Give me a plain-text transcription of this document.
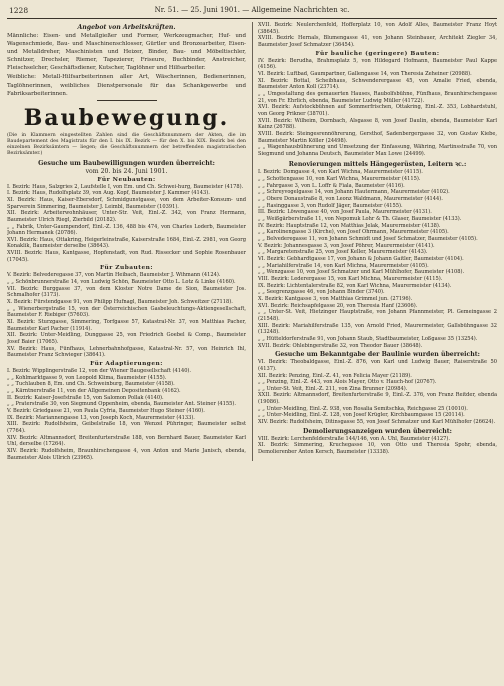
1228	Nr. 51. — 25. Juni 1901. — Allgemeine Nachrichten ꝛc.
Angebot von Arbeitskräften.

Männliche: Eisen- und Metallgießer und Former, Werkzeugmacher, Huf- und Wagenschmiede, Bau- und Maschinenschlosser, Gürtler und Bronzearbeiter, Eisen- und Metalldreher, Maschinisten und Heizer, Binder, Bau- und Möbeltischler, Schnitzer, Drechsler, Riemer, Tapezierer, Friseure, Buchbinder, Anstreicher, Fleischselcher, Geschäftsdiener, Kutscher, Taglöhner und Hilfsarbeiter.

Weibliche: Metall-Hilfsarbeiterinnen aller Art, Wäscherinnen, Bedienerinnen, Taglöhnerinnen, weibliches Dienstpersonale für das Schankgewerbe und Fabriksarbeiterinnen.

Baubewegung.

(Die in Klammern eingestellten Zahlen sind die Geschäftsnummern der Akten, die im Baudepartement des Magistrats für den I. bis IX. Bezirk — für den X. bis XIX. Bezirk bei den einzelnen Bezirksämtern — liegen; die Geschäftsnummern der betreffenden magistratischen Bezirksämter.)

Gesuche um Baubewilligungen wurden überreicht:
vom 20. bis 24. Juni 1901.
Für Neubauten:

I. Bezirk: Haus, Salzgries 2, Laufstelle I, von Em. und Ch. Schwei-hurg, Baumeister (4178).

I. Bezirk: Haus, Rudolfsplatz 39, von Aug. Kopf, Baumeister J. Kammer (4143).

XI. Bezirk: Haus, Kaiser-Ebersdorf, Schmidgunstgasse, von dem Arbeiter-Konsum- und Sparverein Simmering, Baumeister J. Leimbl, Baumeister (10391).

XII. Bezirk: Arbeiterwohnhäuser, Unter-Str. Veit, Einl.-Z. 342, von Franz Hermann, Baumeister Ulrich Riegl, Zierbild (20182).

„ „ Fabrik, Unter-Gaumpendorf, Einl.-Z. 136, 488 bis 474, von Charles Loderb, Baumeister Johann Hermanek (20786).

XVI. Bezirk: Haus, Ottakring, Heigerleinstraße, Kaiserstraße 1684, Einl.-Z. 2981, von Georg Konaklik, Baumeister derselbe (38643).

XVIII. Bezirk: Haus, Kantgasse, Hopfenstadt, von Rud. Rissecker und Sophie Rosenbauer (17045).

Für Zubauten:

V. Bezirk: Belvederegasse 37, von Martin Heibach, Baumeister J. Wihmann (4124).

„ „ Schönbrunnerstraße 14, von Ludwig Schön, Baumeister Otto L. Lotz & Linke (4160).

VII. Bezirk: Burggasse 37, von dem Kloster Notre Dame de Sion, Baumeister Jos. Schmalhofer (3173).

X. Bezirk: Fürstendgasse 91, von Philipp Hufnagl, Baumeister Joh. Schweitzer (27118).

„ „ Wienerbergstraße 15, von der Österreichischen Gasbeleuchtungs-Aktiengesellschaft, Baumeister F. Riebiger (57603).

XI. Bezirk: Sturzgasse, Simmering, Torfgasse 57, Katastral-Nr. 37, von Matthias Pacher, Baumeister Karl Pacher (11914).

XII. Bezirk: Unter-Meidling, Dunggasse 25, von Friedrich Goebel & Comp., Baumeister Josef Baier (17065).

XV. Bezirk: Haus, Fünfhaus, Lehnerbahnhofgasse, Katastral-Nr. 57, von Heinrich Ihl, Baumeister Franz Schwieger (38641).

Für Adaptierungen:

I. Bezirk: Wipplingerstraße 12, von der Wiener Baugesellschaft (4140).

„ „ Kohlmarktgasse 9, von Leopold Klima, Baumeister (4155).

„ „ Tuchlauben 8, Em. und Ch. Schweinburg, Baumeister (4158).

„ „ Kärntnerstraße 11, von der Allgemeinen Depositenbank (4162).

II. Bezirk: Kaiser-Josefstraße 15, von Salomon Pollak (4140).

„ „ Praterstraße 30, von Siegmund Oppenheim, ebenda, Baumeister Ant. Steiner (4155).

V. Bezirk: Griedgasse 21, von Paula Cyfria, Baumeister Hugo Steiner (4160).

IX. Bezirk: Mariannengasse 13, von Joseph Koch, Maurermeister (4133).

XIII. Bezirk: Rudolfsheim, Geibelstraße 18, von Wenzel Pühringer, Baumeister selbst (7764).

XIV. Bezirk: Altmannsdorf, Breitenfurterstraße 188, von Bernhard Bauer, Baumeister Karl Uhl, derselbe (17264).

XIV. Bezirk: Rudolfsheim, Braunhirschengasse 4, von Anton und Marie Janisch, ebenda, Baumeister Alois Ullrich (23965).

XVII. Bezirk: Neulerchenfeld, Hofferplatz 10, von Adolf Alles, Baumeister Franz Hoyt (38645).

XVIII. Bezirk: Hernals, Blumengasse 41, von Johann Steinbauer, Architekt Ziegler 34, Baumeister Josef Schmatzer (36454).

Für bauliche (geringere) Bauten:

IV. Bezirk: Berudha, Brahmsplatz 5, von Hildegard Hofmann, Baumeister Paul Kappe (4156).

VI. Bezirk: Luftbad, Gaumpartner, Gallengasse 14, von Theresia Zeheiner (20988).

XI. Bezirk: Bottal, Scheibhaus, Schwenderergasse 45, von Amalie Fried, ebenda, Baumeister Anton Koll (23714).

„ „ Umgestaltung des gemauerten Hauses, Raubolfsbühne, Fünfhaus, Braunhirschengasse 21, von Fr. Ehrlich, ebenda, Baumeister Ludwig Müller (41722).

XVI. Bezirk: Aufstockbühnen auf Sommerfrischen, Ottakring, Einl.-Z. 353, Lobhardstuhl, von Georg Prikner (38701).

XVII. Bezirk: Wilheim, Dornbach, Alsgasse 8, von Josef Daulin, ebenda, Baumeister Karl Kainz (26788).

XVIII. Bezirk: Steingesrennöhrerung, Gersthof, Sadenbergergasse 32, von Gustav Kiebe, Baumeister Martin Köller (24498).

„ „ Wagenhausbühnerung und Umsetzung der Einfassung, Währing, Martinsstraße 70, von Siegmund und Johanna Deutsch, Baumeister Max Lowe (24499).

Renovierungen mittels Hängegerüsten, Leitern ꝛc.:

I. Bezirk: Domgasse 4, von Karl Wichna, Maurermeister (4115).

„ „ Schottengasse 10, von Karl Wichna, Maurermeister (4115).

„ „ Fahrgasse 3, von L. Loffr & Fiala, Baumeister (4116).

„ „ Schreyvogelgasse 14, von Johann Hautermann, Maurermeister (4102).

„ „ Obere Donaustraße 8, von Leonz Waldmann, Maurermeister (4144).

„ „ Rasinggasse 3, von Rudolf Jäger, Baumeister (4155).

III. Bezirk: Löwengasse 40, von Josef Paula, Maurermeister (4131).

„ „ Weißgärberstraße 11, von Nepomuk Lohr & Th. Glaser, Baumeister (4133).

IV. Bezirk: Hauptstraße 12, von Matthias Jelak, Maurermeister (4138).

„ „ Karolinengasse 3 (Kirche), von Josef Ohrmann, Maurermeister (4105).

„ „ Belvederegasse 11, von Johann Schmidt und Josef Schmatzer, Baumeister (4105).

V. Bezirk: Johannesgasse 3, von Josef Pöhrer, Maurermeister (4141).

„ „ Margaretenstraße 25, von Josef Keller, Maurermeister (4143).

VI. Bezirk: Gebhardtgasse 17, von Johann & Johann Gaitler, Baumeister (4104).

„ „ Mariahilferstraße 14, von Karl Michna, Maurermeister (4105).

„ „ Wenzgasse 10, von Josef Schmatzer und Karl Mühlhofer, Baumeister (4108).

VIII. Bezirk: Lederergasse 15, von Karl Michna, Maurermeister (4115).

IX. Bezirk: Lichtentalerstraße 82, von Karl Wichna, Maurermeister (4134).

„ „ Seegrenzgasse 46, von Johann Binder (3740).

X. Bezirk: Kantgasse 3, von Matthias Grimmel jun. (27196).

XVI. Bezirk: Reichsapfelgasse 20, von Theresia Hanf (23606).

„ „ Unter-St. Veit, Hietzinger Hauptstraße, von Johann Pfannmeister, Pl. Gemeingasse 2 (21548).

XIII. Bezirk: Mariahilferstraße 135, von Arnold Fried, Maurermeister, Gallsbühngasse 32 (13248).

„ „ Hütteldorferstraße 91, von Johann Staub, Stadtbaumeister, Loßgasse 35 (13254).

XVII. Bezirk: Ohlebingerstraße 32, von Theodor Bauer (38648).

Gesuche um Bekanntgabe der Baulinie wurden überreicht:

VI. Bezirk: Theobaldgasse, Einl.-Z. 876, von Karl und Ludwig Bauer, Raiserstraße 50 (4137).

XII. Bezirk: Penzing, Einl.-Z. 41, von Felicia Mayer (21189).

„ „ Penzing, Einl.-Z. 443, von Alois Mayer, Otto v. Hauch-hof (20767).

„ „ Unter-St. Veit, Einl.-Z. 211, von Zina Brunner (20984).

XXII. Bezirk: Altmannsdorf, Breitenfurterstraße 9, Einl.-Z. 376, von Franz Reitder, ebenda (19086).

„ „ Unter-Meidling, Einl.-Z. 938, von Rosalia Semitschka, Reichgasse 25 (10010).

„ „ Unter-Meidling, Einl.-Z. 128, von Josef Krügler, Kirchbaumgasse 15 (20114).

XIV. Bezirk: Rudolfsheim, Ditinsgasse 55, von Josef Schmatzer und Karl Mühlhofer (26624).

Demolierungsanzeigen wurden überreicht:

VIII. Bezirk: Lerchenfelderstraße 144/146, von A. Uhl, Baumeister (4127).

XI. Bezirk: Simmering, Kruchegasse 10, von Otto und Theresia Spohr, ebenda, Demolierenber Anton Kersch, Baumeister (13338).
